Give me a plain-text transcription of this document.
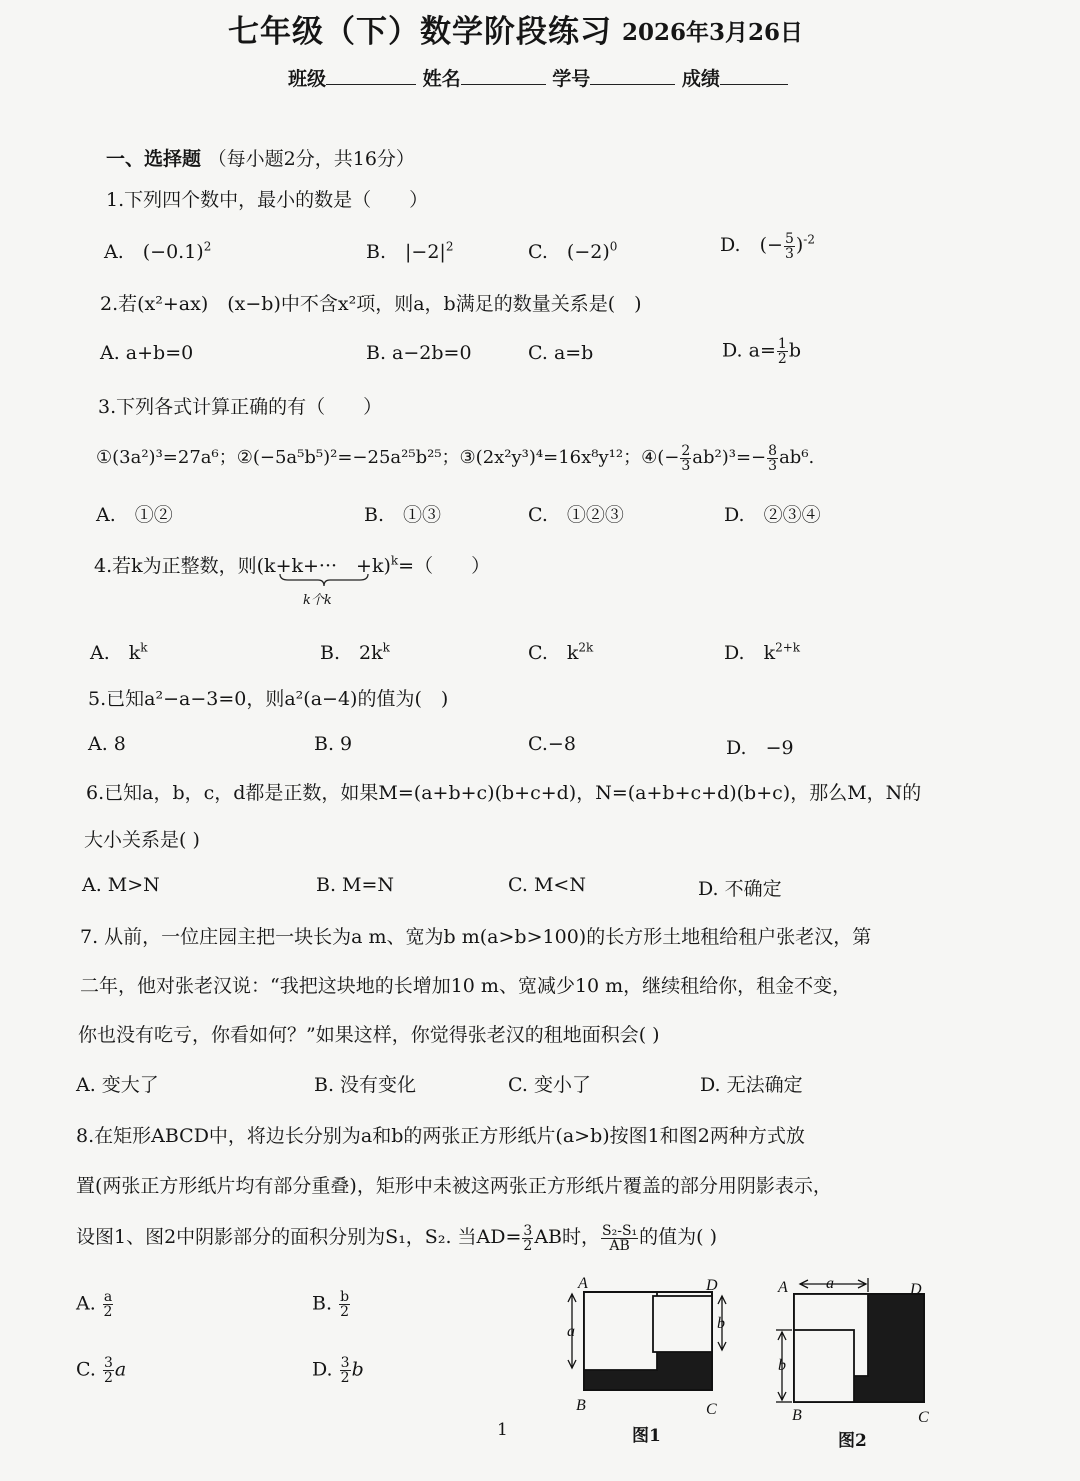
七年级（下）数学阶段练习 2026年3月26日
班级	姓名	学号	成绩
一、选择题 （每小题2分，共16分）
1.下列四个数中，最小的数是（　　）
A.　$(-0.1)^2$	B.　$|-2|^2$	C.　$(-2)^0$	D.　(− $\frac{5}{3} )^{-2}$
2.若(x²+ax)　(x−b)中不含x²项，则a，b满足的数量关系是(　)
A. a+b=0	B. a−2b=0	C. a=b	D. $a= \frac{1}{2}$ b
3.下列各式计算正确的有（　　）
①(3a²)³=27a⁶；②(−5a⁵b⁵)²=−25a²⁵b²⁵；③(2x²y³)⁴=16x⁸y¹²；④(− $\frac{2}{3} ab^2)^3=- \frac{8}{3} ab^6$.
A.　①②	B.　①③	C.　①②③	D.　②③④
4.若k为正整数，则(k+k+···　+k)$^k$=（　　）
k个k
A.　$k^k$	B.　$2k^k$	C.　$k^{2k}$	D.　$k^{2+k}$
5.已知a²−a−3=0，则a²(a−4)的值为(　)
A. 8	B. 9	C.−8	D.　−9
6.已知a，b，c，d都是正数，如果M=(a+b+c)(b+c+d)，N=(a+b+c+d)(b+c)，那么M，N的
大小关系是( )
A. M>N	B. M=N	C. M<N	D. 不确定
7. 从前，一位庄园主把一块长为a m、宽为b m(a>b>100)的长方形土地租给租户张老汉，第
二年，他对张老汉说：“我把这块地的长增加10 m、宽减少10 m，继续租给你，租金不变，
你也没有吃亏，你看如何？”如果这样，你觉得张老汉的租地面积会( )
A. 变大了	B. 没有变化	C. 变小了	D. 无法确定
8.在矩形ABCD中，将边长分别为a和b的两张正方形纸片(a>b)按图1和图2两种方式放
置(两张正方形纸片均有部分重叠)，矩形中未被这两张正方形纸片覆盖的部分用阴影表示，
设图1、图2中阴影部分的面积分别为S₁，S₂. 当$AD= \frac{3}{2}$ AB时， $\frac{\text{S₂-S₁}}{AB}$ 的值为( )
A. $\frac{a}{2}$	B. $\frac{b}{2}$
C. $\frac{3}{2}$ a	D. $\frac{3}{2}$ b
A	D
B	C
a	b
图1
A	D
B	C
a
b
图2
1
